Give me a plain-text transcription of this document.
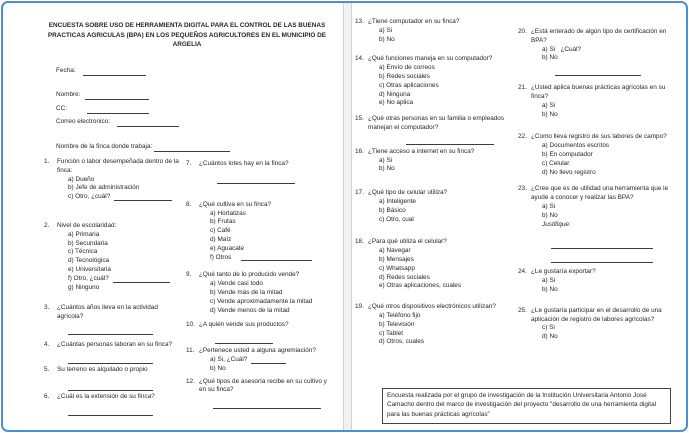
ENCUESTA SOBRE USO DE HERRAMIENTA DIGITAL PARA EL CONTROL DE LAS BUENAS PRACTICAS AGRICULAS (BPA) EN LOS PEQUEÑOS AGRICULTORES EN EL MUNICIPIO DE ARGELIA
Fecha:
Nombre:
CC:
Correo electronico:
Nombre de la finca donde trabaja:
1.	Función o labor desempeñada dentro de la finca:
a) Dueño
b) Jefe de administración
c) Otro, ¿cuál?
2.	Nivel de escolaridad:
a) Primaria
b) Secundaria
c) Técnica
d) Tecnológica
e) Universitaria
f) Otro, ¿cuál?
g) Ninguno
3.	¿Cuántos años lleva en la actividad agrícola?
4.	¿Cuántas personas laboran en su finca?
5.	Su terreno es alquilado o propio
6.	¿Cuál es la extensión de su finca?
7.	¿Cuántos lotes hay en la finca?
8.	¿Qué cultiva en su finca?
a) Hortalizas
b) Frutas
c) Café
d) Maíz
e) Aguacate
f) Otros
9.	¿Qué tanto de lo producido vende?
a) Vende casi todo
b) Vende más de la mitad
c) Vende aproximadamente la mitad
d) Vende menos de la mitad
10. ¿A quién vende sus productos?
11. ¿Pertenece usted a alguna agremiación?
a) Si, ¿Cuál?
b) No
12. ¿Qué tipos de asesoría recibe en su cultivo y en su finca?
13. ¿Tiene computador en su finca?
a) Si
b) No
14. ¿Qué funciones maneja en su computador?
a) Envío de correos
b) Redes sociales
c) Otras aplicaciones
d) Ninguna
e) No aplica
15. ¿Qué otras personas en su familia o empleados manejan el computador?
16. ¿Tiene acceso a internet en su finca?
a) Si
b) No
17. ¿Qué tipo de celular utiliza?
a) Inteligente
b) Básico
c) Otro, cual
18. ¿Para qué utiliza el celular?
a) Navegar
b) Mensajes
c) Whatsapp
d) Redes sociales
e) Otras aplicaciones, cuales
19. ¿Qué otros dispositivos electrónicos utilizan?
a) Teléfono fijo
b) Televisión
c) Tablet
d) Otros, cuales
20. ¿Está enterado de algún tipo de certificación en BPA?
a) Si   ¿Cuál?
b) No
21. ¿Usted aplica buenas prácticas agrícolas en su finca?
a) Si
b) No
22. ¿Como lleva registro de sus labores de campo?
a) Documentos escritos
b) En computador
c) Celular
d) No llevo registro
23. ¿Cree que es de utilidad una herramienta que le ayude a conocer y realizar las BPA?
a) Si
b) No
Justifique:
24. ¿Le gustaría exportar?
a) Si
b) No
25. ¿Le gustaría participar en el desarrollo de una aplicación de registro de labores agrícolas?
c) Si
d) No
Encuesta realizada por el grupo de investigación de la Institución Universitaria Antonio José Camacho dentro del marco de investigación del proyecto "desarrollo de una herramienta digital para las buenas prácticas agrícolas"
